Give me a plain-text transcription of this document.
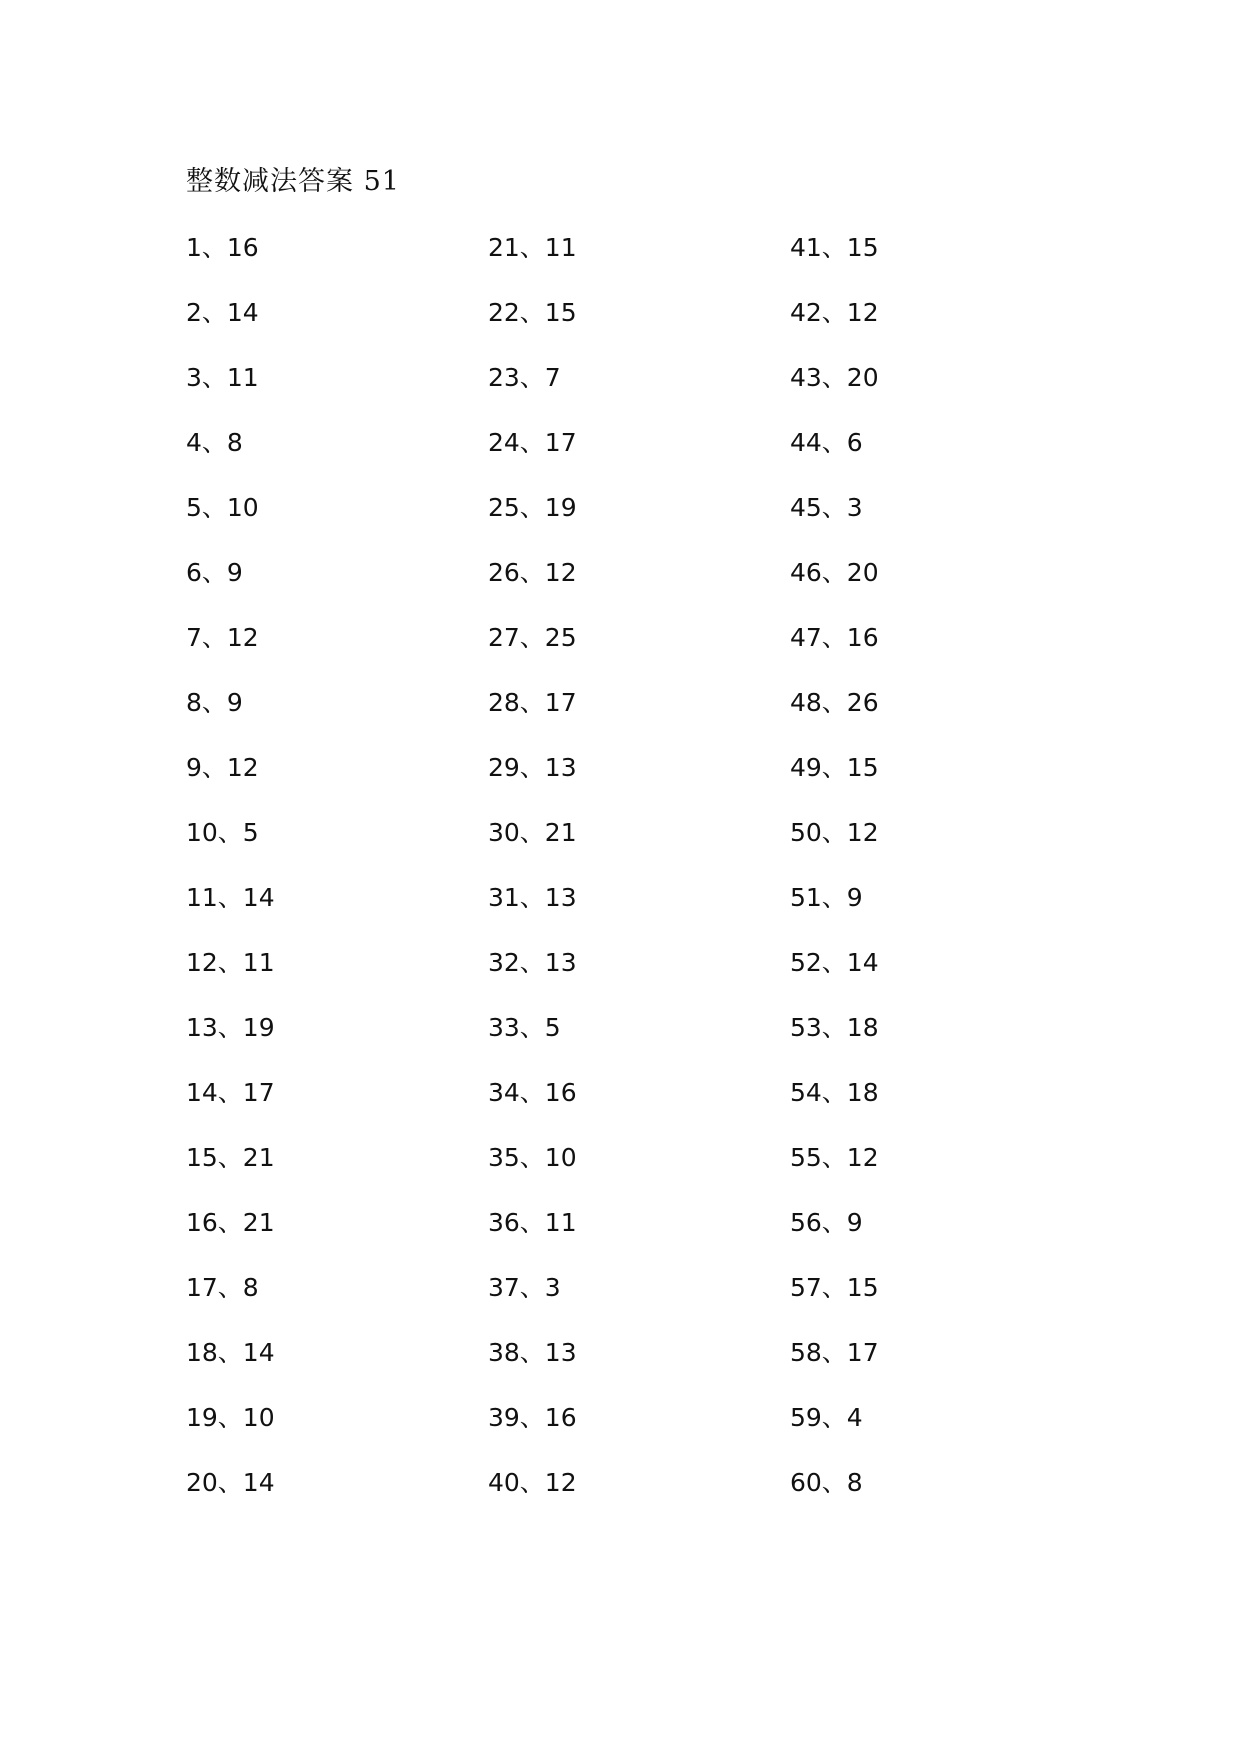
整数减法答案 51
1、16
2、14
3、11
4、8
5、10
6、9
7、12
8、9
9、12
10、5
11、14
12、11
13、19
14、17
15、21
16、21
17、8
18、14
19、10
20、14
21、11
22、15
23、7
24、17
25、19
26、12
27、25
28、17
29、13
30、21
31、13
32、13
33、5
34、16
35、10
36、11
37、3
38、13
39、16
40、12
41、15
42、12
43、20
44、6
45、3
46、20
47、16
48、26
49、15
50、12
51、9
52、14
53、18
54、18
55、12
56、9
57、15
58、17
59、4
60、8
